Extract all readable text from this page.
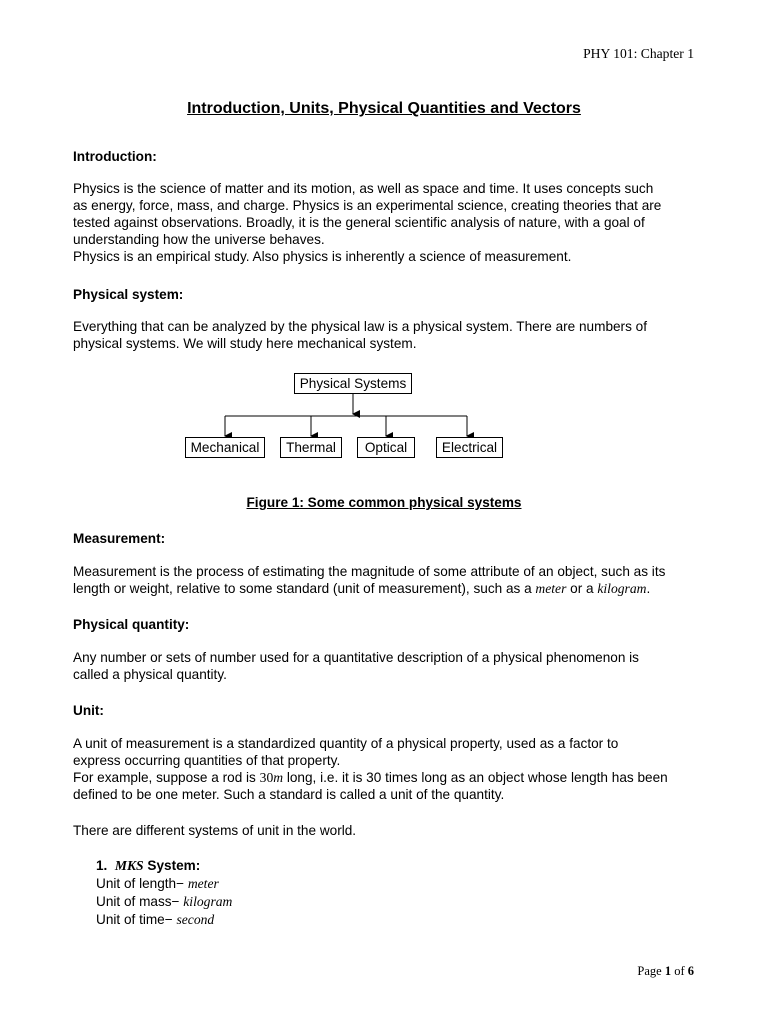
PHY 101: Chapter 1
Introduction, Units, Physical Quantities and Vectors
Introduction:
Physics is the science of matter and its motion, as well as space and time. It uses concepts such
as energy, force, mass, and charge. Physics is an experimental science, creating theories that are
tested against observations. Broadly, it is the general scientific analysis of nature, with a goal of
understanding how the universe behaves.
Physics is an empirical study. Also physics is inherently a science of measurement.
Physical system:
Everything that can be analyzed by the physical law is a physical system. There are numbers of
physical systems. We will study here mechanical system.
Physical Systems
Mechanical	Thermal	Optical	Electrical
Figure 1: Some common physical systems
Measurement:
Measurement is the process of estimating the magnitude of some attribute of an object, such as its
length or weight, relative to some standard (unit of measurement), such as a meter or a kilogram.
Physical quantity:
Any number or sets of number used for a quantitative description of a physical phenomenon is
called a physical quantity.
Unit:
A unit of measurement is a standardized quantity of a physical property, used as a factor to
express occurring quantities of that property.
For example, suppose a rod is 30m long, i.e. it is 30 times long as an object whose length has been
defined to be one meter. Such a standard is called a unit of the quantity.
There are different systems of unit in the world.
1. MKS System:
Unit of length− meter
Unit of mass− kilogram
Unit of time− second
Page 1 of 6
